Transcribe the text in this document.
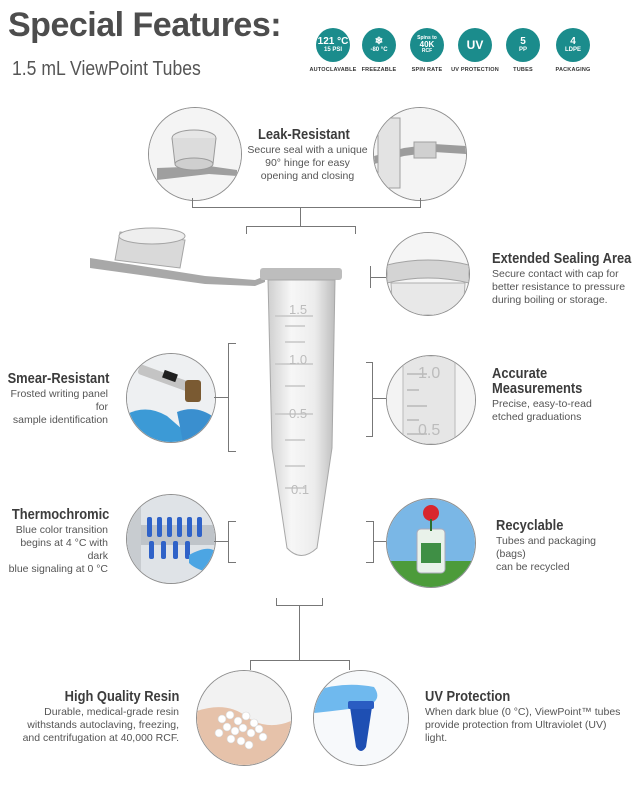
Special Features:
1.5 mL ViewPoint Tubes
121 °C
15 PSI
AUTOCLAVABLE
❄
-80 °C
FREEZABLE
Spins to
40K
RCF
SPIN RATE
UV
UV PROTECTION
5
PP
TUBES
4
LDPE
PACKAGING
Leak-Resistant
Secure seal with a unique
90° hinge for easy
opening and closing
1.5
1.0
0.5
0.1
Extended Sealing Area
Secure contact with cap for
better resistance to pressure
during boiling or storage.
Smear-Resistant
Frosted writing panel for
sample identification
1.0
0.5
Accurate
Measurements
Precise, easy-to-read
etched graduations
Thermochromic
Blue color transition
begins at 4 °C with dark
blue signaling at 0 °C
Recyclable
Tubes and packaging (bags)
can be recycled
High Quality Resin
Durable, medical-grade resin
withstands autoclaving, freezing,
and centrifugation at 40,000 RCF.
UV Protection
When dark blue (0 °C), ViewPoint™ tubes
provide protection from Ultraviolet (UV)
light.
